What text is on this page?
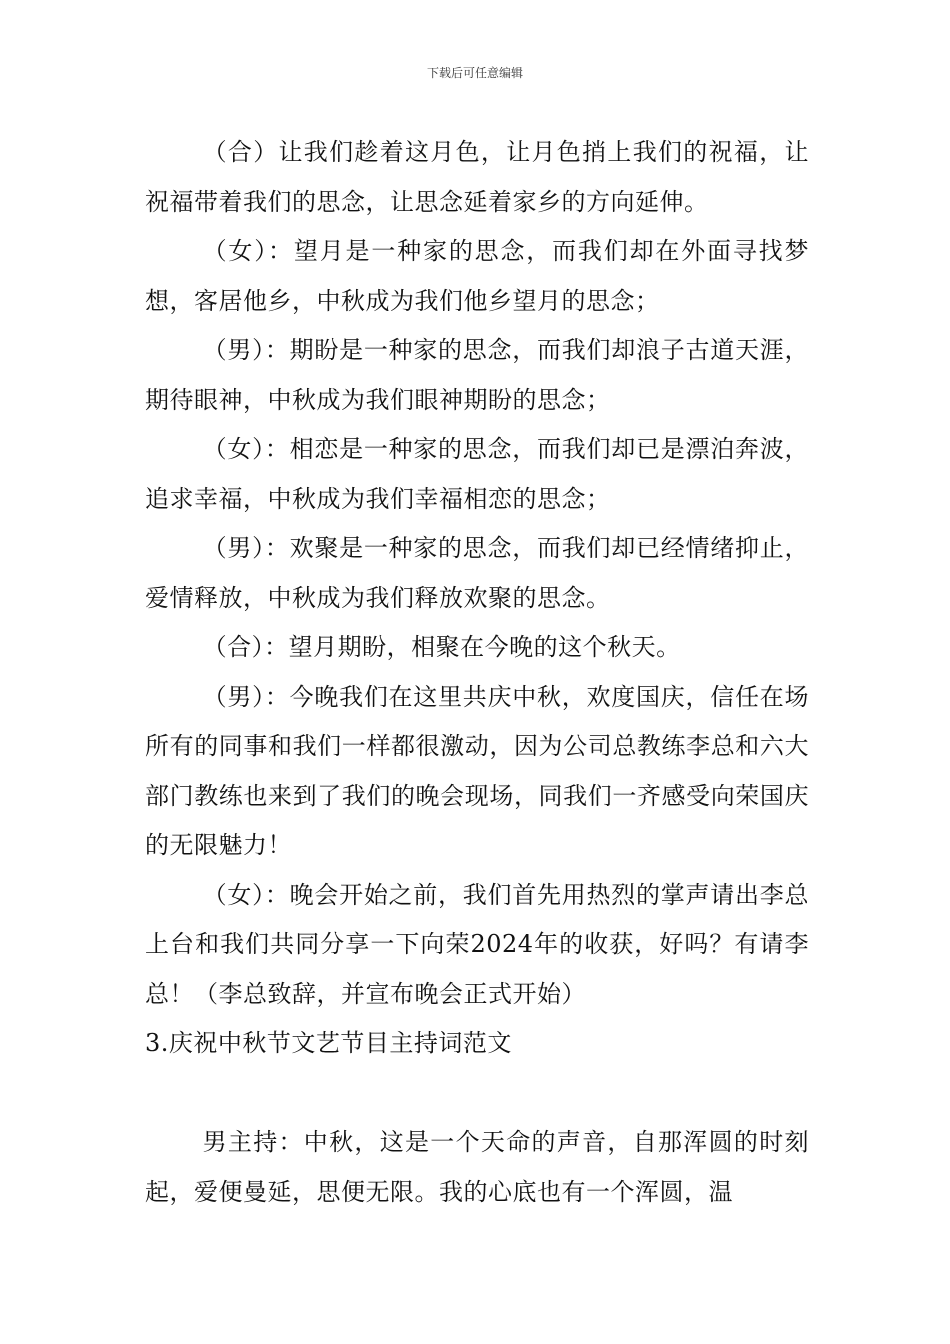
下载后可任意编辑

（合）让我们趁着这月色，让月色捎上我们的祝福，让祝福带着我们的思念，让思念延着家乡的方向延伸。

（女）：望月是一种家的思念，而我们却在外面寻找梦想，客居他乡，中秋成为我们他乡望月的思念；

（男）：期盼是一种家的思念，而我们却浪子古道天涯，期待眼神，中秋成为我们眼神期盼的思念；

（女）：相恋是一种家的思念，而我们却已是漂泊奔波，追求幸福，中秋成为我们幸福相恋的思念；

（男）：欢聚是一种家的思念，而我们却已经情绪抑止，爱情释放，中秋成为我们释放欢聚的思念。

（合）：望月期盼，相聚在今晚的这个秋天。

（男）：今晚我们在这里共庆中秋，欢度国庆，信任在场所有的同事和我们一样都很激动，因为公司总教练李总和六大部门教练也来到了我们的晚会现场，同我们一齐感受向荣国庆的无限魅力！

（女）：晚会开始之前，我们首先用热烈的掌声请出李总上台和我们共同分享一下向荣2024年的收获，好吗？有请李总！（李总致辞，并宣布晚会正式开始）

3.庆祝中秋节文艺节目主持词范文

男主持：中秋，这是一个天命的声音，自那浑圆的时刻起，爱便曼延，思便无限。我的心底也有一个浑圆，温
